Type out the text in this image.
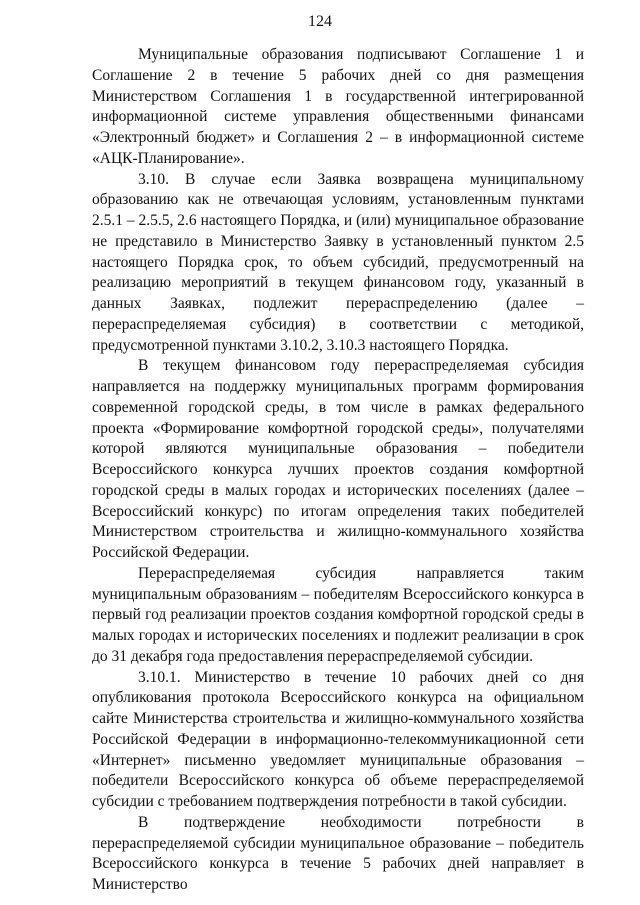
124

Муниципальные образования подписывают Соглашение 1 и Соглашение 2 в течение 5 рабочих дней со дня размещения Министерством Соглашения 1 в государственной интегрированной информационной системе управления общественными финансами «Электронный бюджет» и Соглашения 2 – в информационной системе «АЦК-Планирование».

3.10. В случае если Заявка возвращена муниципальному образованию как не отвечающая условиям, установленным пунктами 2.5.1 – 2.5.5, 2.6 настоящего Порядка, и (или) муниципальное образование не представило в Министерство Заявку в установленный пунктом 2.5 настоящего Порядка срок, то объем субсидий, предусмотренный на реализацию мероприятий в текущем финансовом году, указанный в данных Заявках, подлежит перераспределению (далее – перераспределяемая субсидия) в соответствии с методикой, предусмотренной пунктами 3.10.2, 3.10.3 настоящего Порядка.

В текущем финансовом году перераспределяемая субсидия направляется на поддержку муниципальных программ формирования современной городской среды, в том числе в рамках федерального проекта «Формирование комфортной городской среды», получателями которой являются муниципальные образования – победители Всероссийского конкурса лучших проектов создания комфортной городской среды в малых городах и исторических поселениях (далее – Всероссийский конкурс) по итогам определения таких победителей Министерством строительства и жилищно-коммунального хозяйства Российской Федерации.

Перераспределяемая субсидия направляется таким муниципальным образованиям – победителям Всероссийского конкурса в первый год реализации проектов создания комфортной городской среды в малых городах и исторических поселениях и подлежит реализации в срок до 31 декабря года предоставления перераспределяемой субсидии.

3.10.1. Министерство в течение 10 рабочих дней со дня опубликования протокола Всероссийского конкурса на официальном сайте Министерства строительства и жилищно-коммунального хозяйства Российской Федерации в информационно-телекоммуникационной сети «Интернет» письменно уведомляет муниципальные образования – победители Всероссийского конкурса об объеме перераспределяемой субсидии с требованием подтверждения потребности в такой субсидии.

В подтверждение необходимости потребности в перераспределяемой субсидии муниципальное образование – победитель Всероссийского конкурса в течение 5 рабочих дней направляет в Министерство
